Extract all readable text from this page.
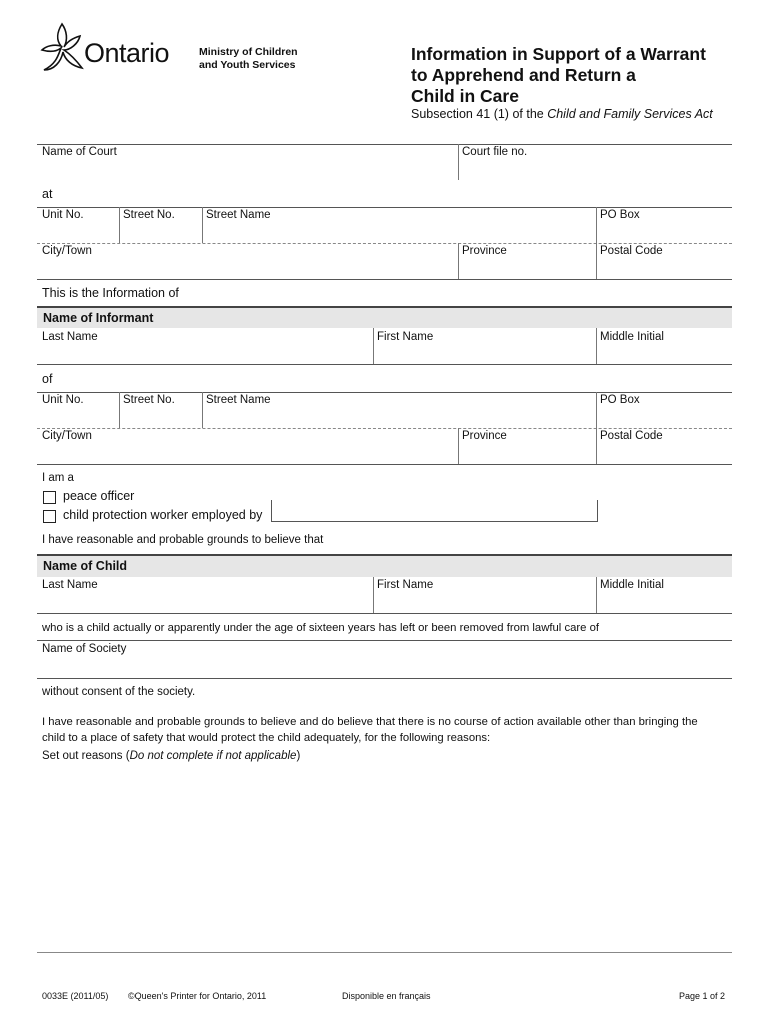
Ontario	Ministry of Children
and Youth Services
Information in Support of a Warrant
to Apprehend and Return a
Child in Care
Subsection 41 (1) of the Child and Family Services Act
Name of Court	Court file no.
at
Unit No.	Street No.	Street Name	PO Box
City/Town	Province	Postal Code
This is the Information of
Name of Informant
Last Name	First Name	Middle Initial
of
Unit No.	Street No.	Street Name	PO Box
City/Town	Province	Postal Code
I am a
peace officer
child protection worker employed by
I have reasonable and probable grounds to believe that
Name of Child
Last Name	First Name	Middle Initial
who is a child actually or apparently under the age of sixteen years has left or been removed from lawful care of
Name of Society
without consent of the society.
I have reasonable and probable grounds to believe and do believe that there is no course of action available other than bringing the
child to a place of safety that would protect the child adequately, for the following reasons:
Set out reasons (Do not complete if not applicable)
0033E (2011/05) ©Queen's Printer for Ontario, 2011	Disponible en français	Page 1 of 2
